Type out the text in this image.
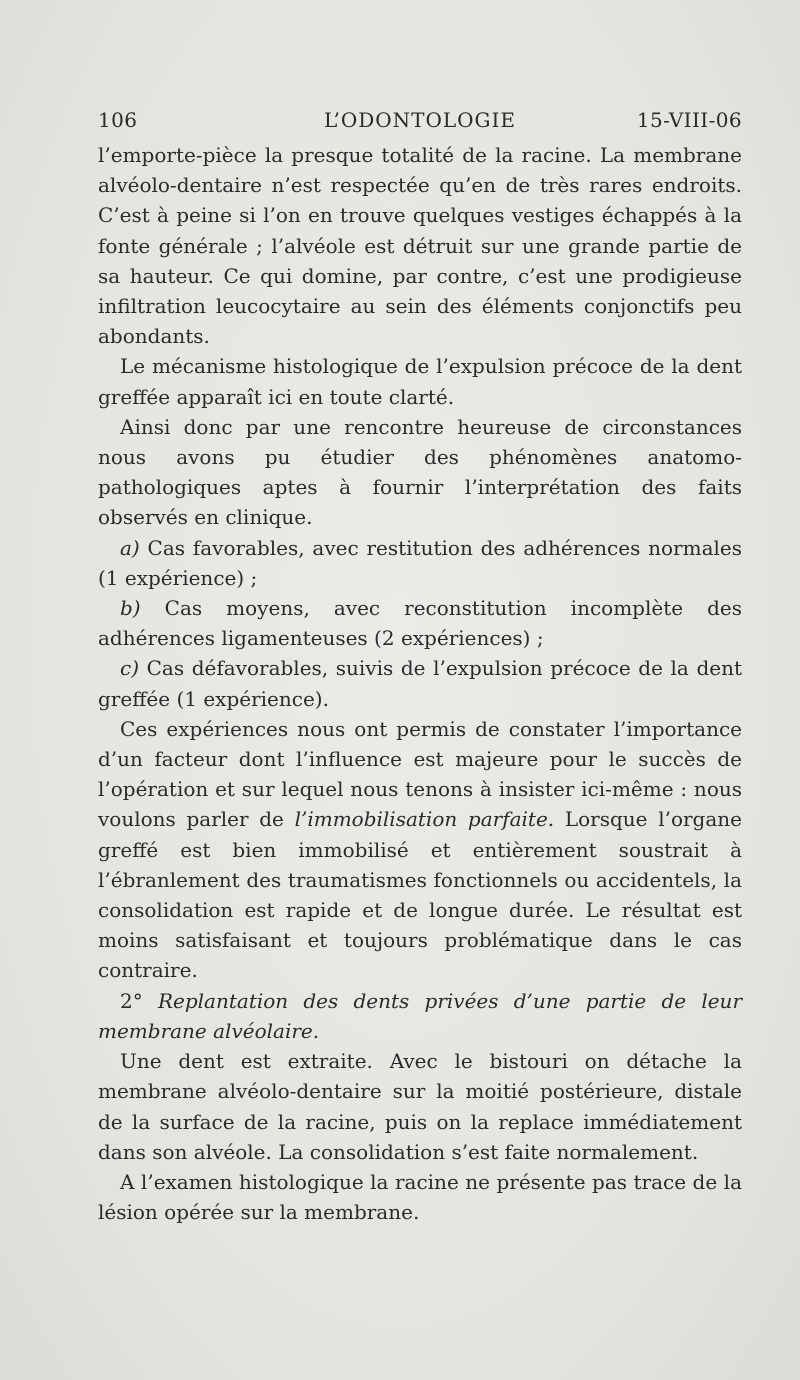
106	L’ODONTOLOGIE	15-VIII-06

l’emporte-pièce la presque totalité de la racine. La membrane alvéolo-dentaire n’est respectée qu’en de très rares endroits. C’est à peine si l’on en trouve quelques vestiges échappés à la fonte générale ; l’alvéole est détruit sur une grande partie de sa hauteur. Ce qui domine, par contre, c’est une prodigieuse infiltration leucocytaire au sein des éléments conjonctifs peu abondants.

Le mécanisme histologique de l’expulsion précoce de la dent greffée apparaît ici en toute clarté.

Ainsi donc par une rencontre heureuse de circonstances nous avons pu étudier des phénomènes anatomo-pathologiques aptes à fournir l’interprétation des faits observés en clinique.

a) Cas favorables, avec restitution des adhérences normales (1 expérience) ;

b) Cas moyens, avec reconstitution incomplète des adhérences ligamenteuses (2 expériences) ;

c) Cas défavorables, suivis de l’expulsion précoce de la dent greffée (1 expérience).

Ces expériences nous ont permis de constater l’importance d’un facteur dont l’influence est majeure pour le succès de l’opération et sur lequel nous tenons à insister ici-même : nous voulons parler de l’immobilisation parfaite. Lorsque l’organe greffé est bien immobilisé et entièrement soustrait à l’ébranlement des traumatismes fonctionnels ou accidentels, la consolidation est rapide et de longue durée. Le résultat est moins satisfaisant et toujours problématique dans le cas contraire.

2° Replantation des dents privées d’une partie de leur membrane alvéolaire.

Une dent est extraite. Avec le bistouri on détache la membrane alvéolo-dentaire sur la moitié postérieure, distale de la surface de la racine, puis on la replace immédiatement dans son alvéole. La consolidation s’est faite normalement.

A l’examen histologique la racine ne présente pas trace de la lésion opérée sur la membrane.
